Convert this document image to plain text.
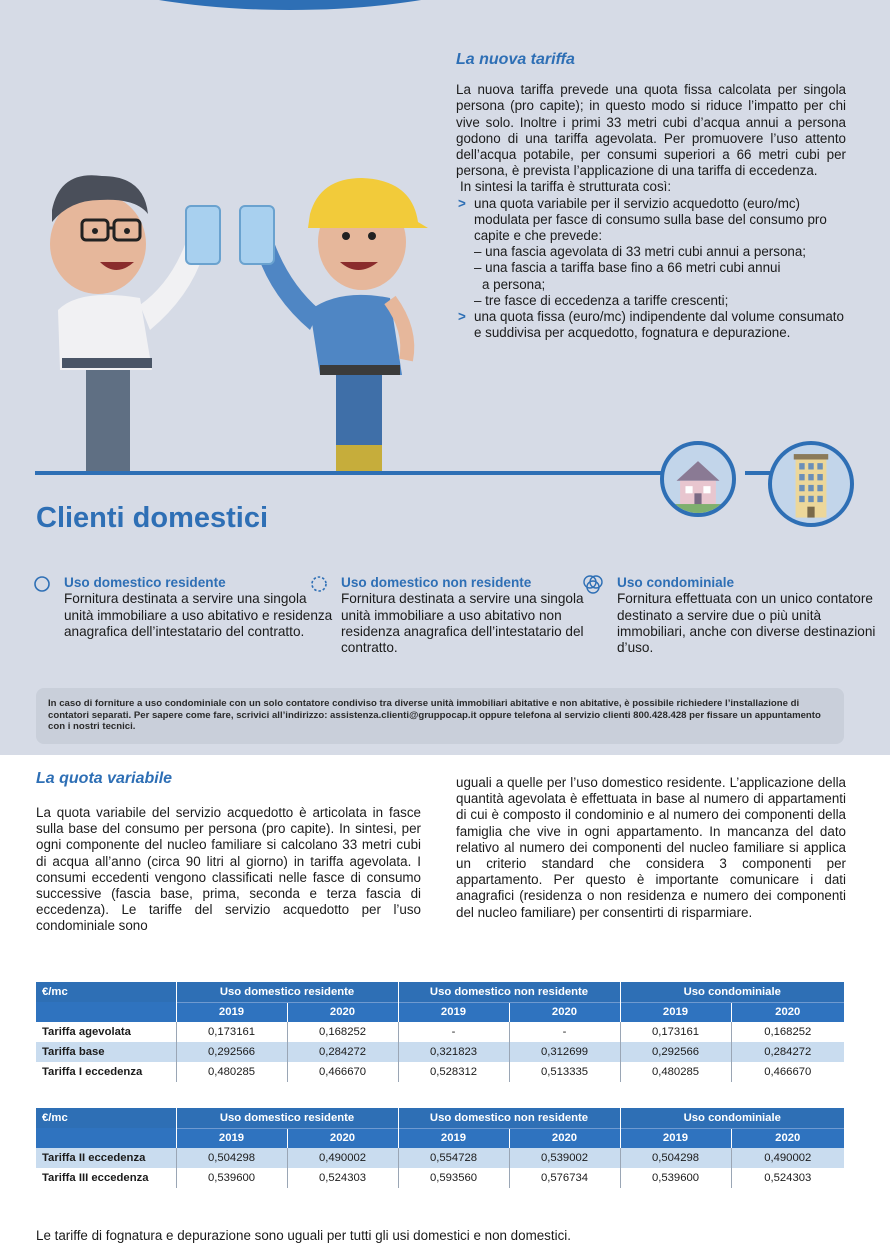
La nuova tariffa

La nuova tariffa prevede una quota fissa calcolata per singola persona (pro capite); in questo modo si riduce l’impatto per chi vive solo. Inoltre i primi 33 metri cubi d’acqua annui a persona godono di una tariffa agevolata. Per promuovere l’uso attento dell’acqua potabile, per consumi superiori a 66 metri cubi per persona, è prevista l’applicazione di una tariffa di eccedenza.

In sintesi la tariffa è strutturata così:

> una quota variabile per il servizio acquedotto (euro/mc) modulata per fasce di consumo sulla base del consumo pro capite e che prevede:
– una fascia agevolata di 33 metri cubi annui a persona;
– una fascia a tariffa base fino a 66 metri cubi annui
a persona;
– tre fasce di eccedenza a tariffe crescenti;
> una quota fissa (euro/mc) indipendente dal volume consumato e suddivisa per acquedotto, fognatura e depurazione.
Clienti domestici
Uso domestico residente
Fornitura destinata a servire una singola unità immobiliare a uso abitativo e residenza anagrafica dell’intestatario del contratto.
Uso domestico non residente
Fornitura destinata a servire una singola unità immobiliare a uso abitativo non residenza anagrafica dell’intestatario del contratto.
Uso condominiale
Fornitura effettuata con un unico contatore destinato a servire due o più unità immobiliari, anche con diverse destinazioni d’uso.
In caso di forniture a uso condominiale con un solo contatore condiviso tra diverse unità immobiliari abitative e non abitative, è possibile richiedere l’installazione di contatori separati. Per sapere come fare, scrivici all’indirizzo: assistenza.clienti@gruppocap.it oppure telefona al servizio clienti 800.428.428 per fissare un appuntamento con i nostri tecnici.
La quota variabile

La quota variabile del servizio acquedotto è articolata in fasce sulla base del consumo per persona (pro capite). In sintesi, per ogni componente del nucleo familiare si calcolano 33 metri cubi di acqua all’anno (circa 90 litri al giorno) in tariffa agevolata. I consumi eccedenti vengono classificati nelle fasce di consumo successive (fascia base, prima, seconda e terza fascia di eccedenza). Le tariffe del servizio acquedotto per l’uso condominiale sono

uguali a quelle per l’uso domestico residente. L’applicazione della quantità agevolata è effettuata in base al numero di appartamenti di cui è composto il condominio e al numero dei componenti della famiglia che vive in ogni appartamento. In mancanza del dato relativo al numero dei componenti del nucleo familiare si applica un criterio standard che considera 3 componenti per appartamento. Per questo è importante comunicare i dati anagrafici (residenza o non residenza e numero dei componenti del nucleo familiare) per consentirti di risparmiare.

€/mc	Uso domestico residente		Uso domestico non residente		Uso condominiale	
	2019	2020	2019	2020	2019	2020
Tariffa agevolata	0,173161	0,168252	-	-	0,173161	0,168252
Tariffa base	0,292566	0,284272	0,321823	0,312699	0,292566	0,284272
Tariffa I eccedenza	0,480285	0,466670	0,528312	0,513335	0,480285	0,466670
€/mc	Uso domestico residente		Uso domestico non residente		Uso condominiale	
	2019	2020	2019	2020	2019	2020
Tariffa II eccedenza	0,504298	0,490002	0,554728	0,539002	0,504298	0,490002
Tariffa III eccedenza	0,539600	0,524303	0,593560	0,576734	0,539600	0,524303
Le tariffe di fognatura e depurazione sono uguali per tutti gli usi domestici e non domestici.
